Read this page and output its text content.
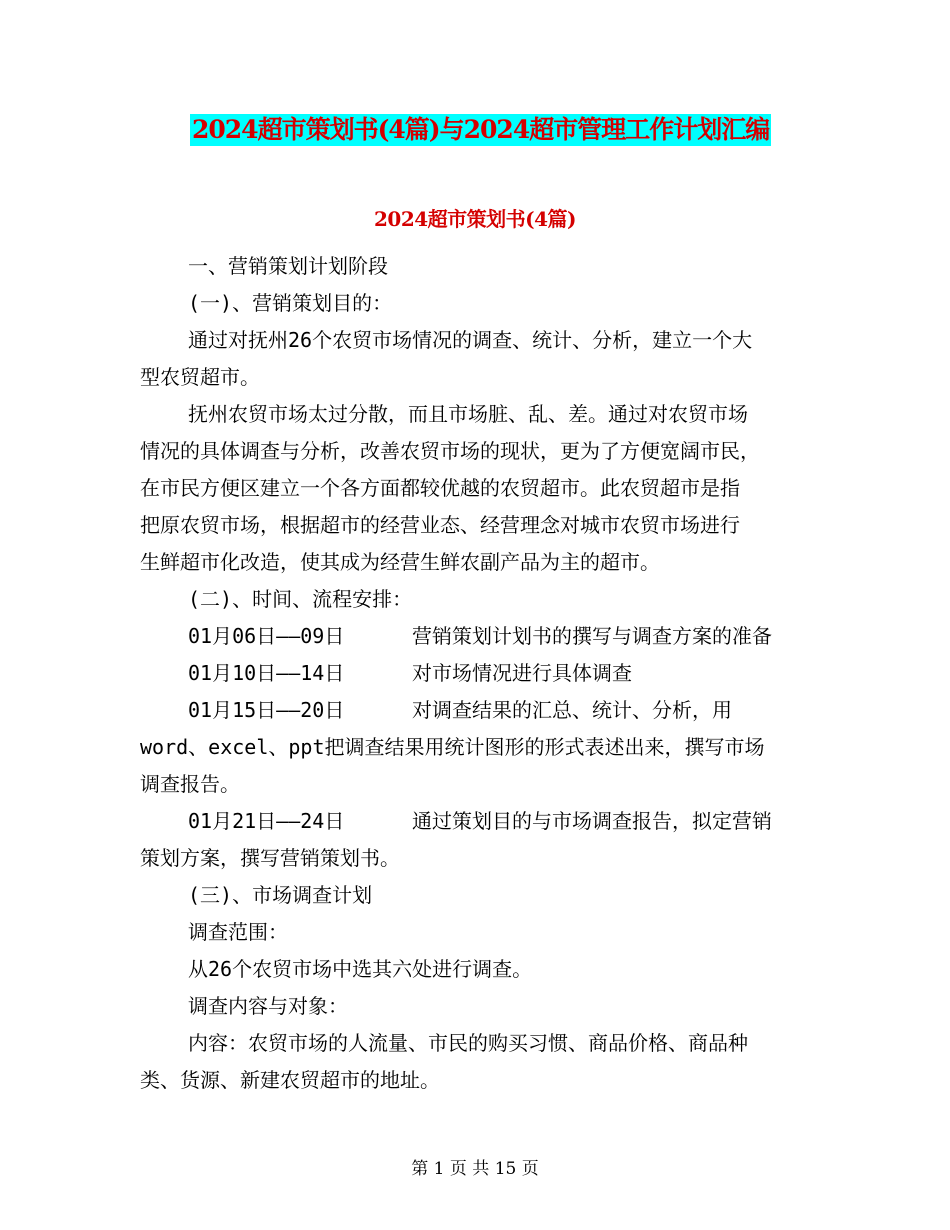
2024超市策划书(4篇)与2024超市管理工作计划汇编
2024超市策划书(4篇)
一、营销策划计划阶段
(一)、营销策划目的：
通过对抚州26个农贸市场情况的调查、统计、分析，建立一个大
型农贸超市。
抚州农贸市场太过分散，而且市场脏、乱、差。通过对农贸市场
情况的具体调查与分析，改善农贸市场的现状，更为了方便宽阔市民，
在市民方便区建立一个各方面都较优越的农贸超市。此农贸超市是指
把原农贸市场，根据超市的经营业态、经营理念对城市农贸市场进行
生鲜超市化改造，使其成为经营生鲜农副产品为主的超市。
(二)、时间、流程安排：
01月06日——09日	营销策划计划书的撰写与调查方案的准备
01月10日——14日	对市场情况进行具体调查
01月15日——20日	对调查结果的汇总、统计、分析，用
word、excel、ppt把调查结果用统计图形的形式表述出来，撰写市场
调查报告。
01月21日——24日	通过策划目的与市场调查报告，拟定营销
策划方案，撰写营销策划书。
(三)、市场调查计划
调查范围：
从26个农贸市场中选其六处进行调查。
调查内容与对象：
内容：农贸市场的人流量、市民的购买习惯、商品价格、商品种
类、货源、新建农贸超市的地址。
第 1 页 共 15 页
